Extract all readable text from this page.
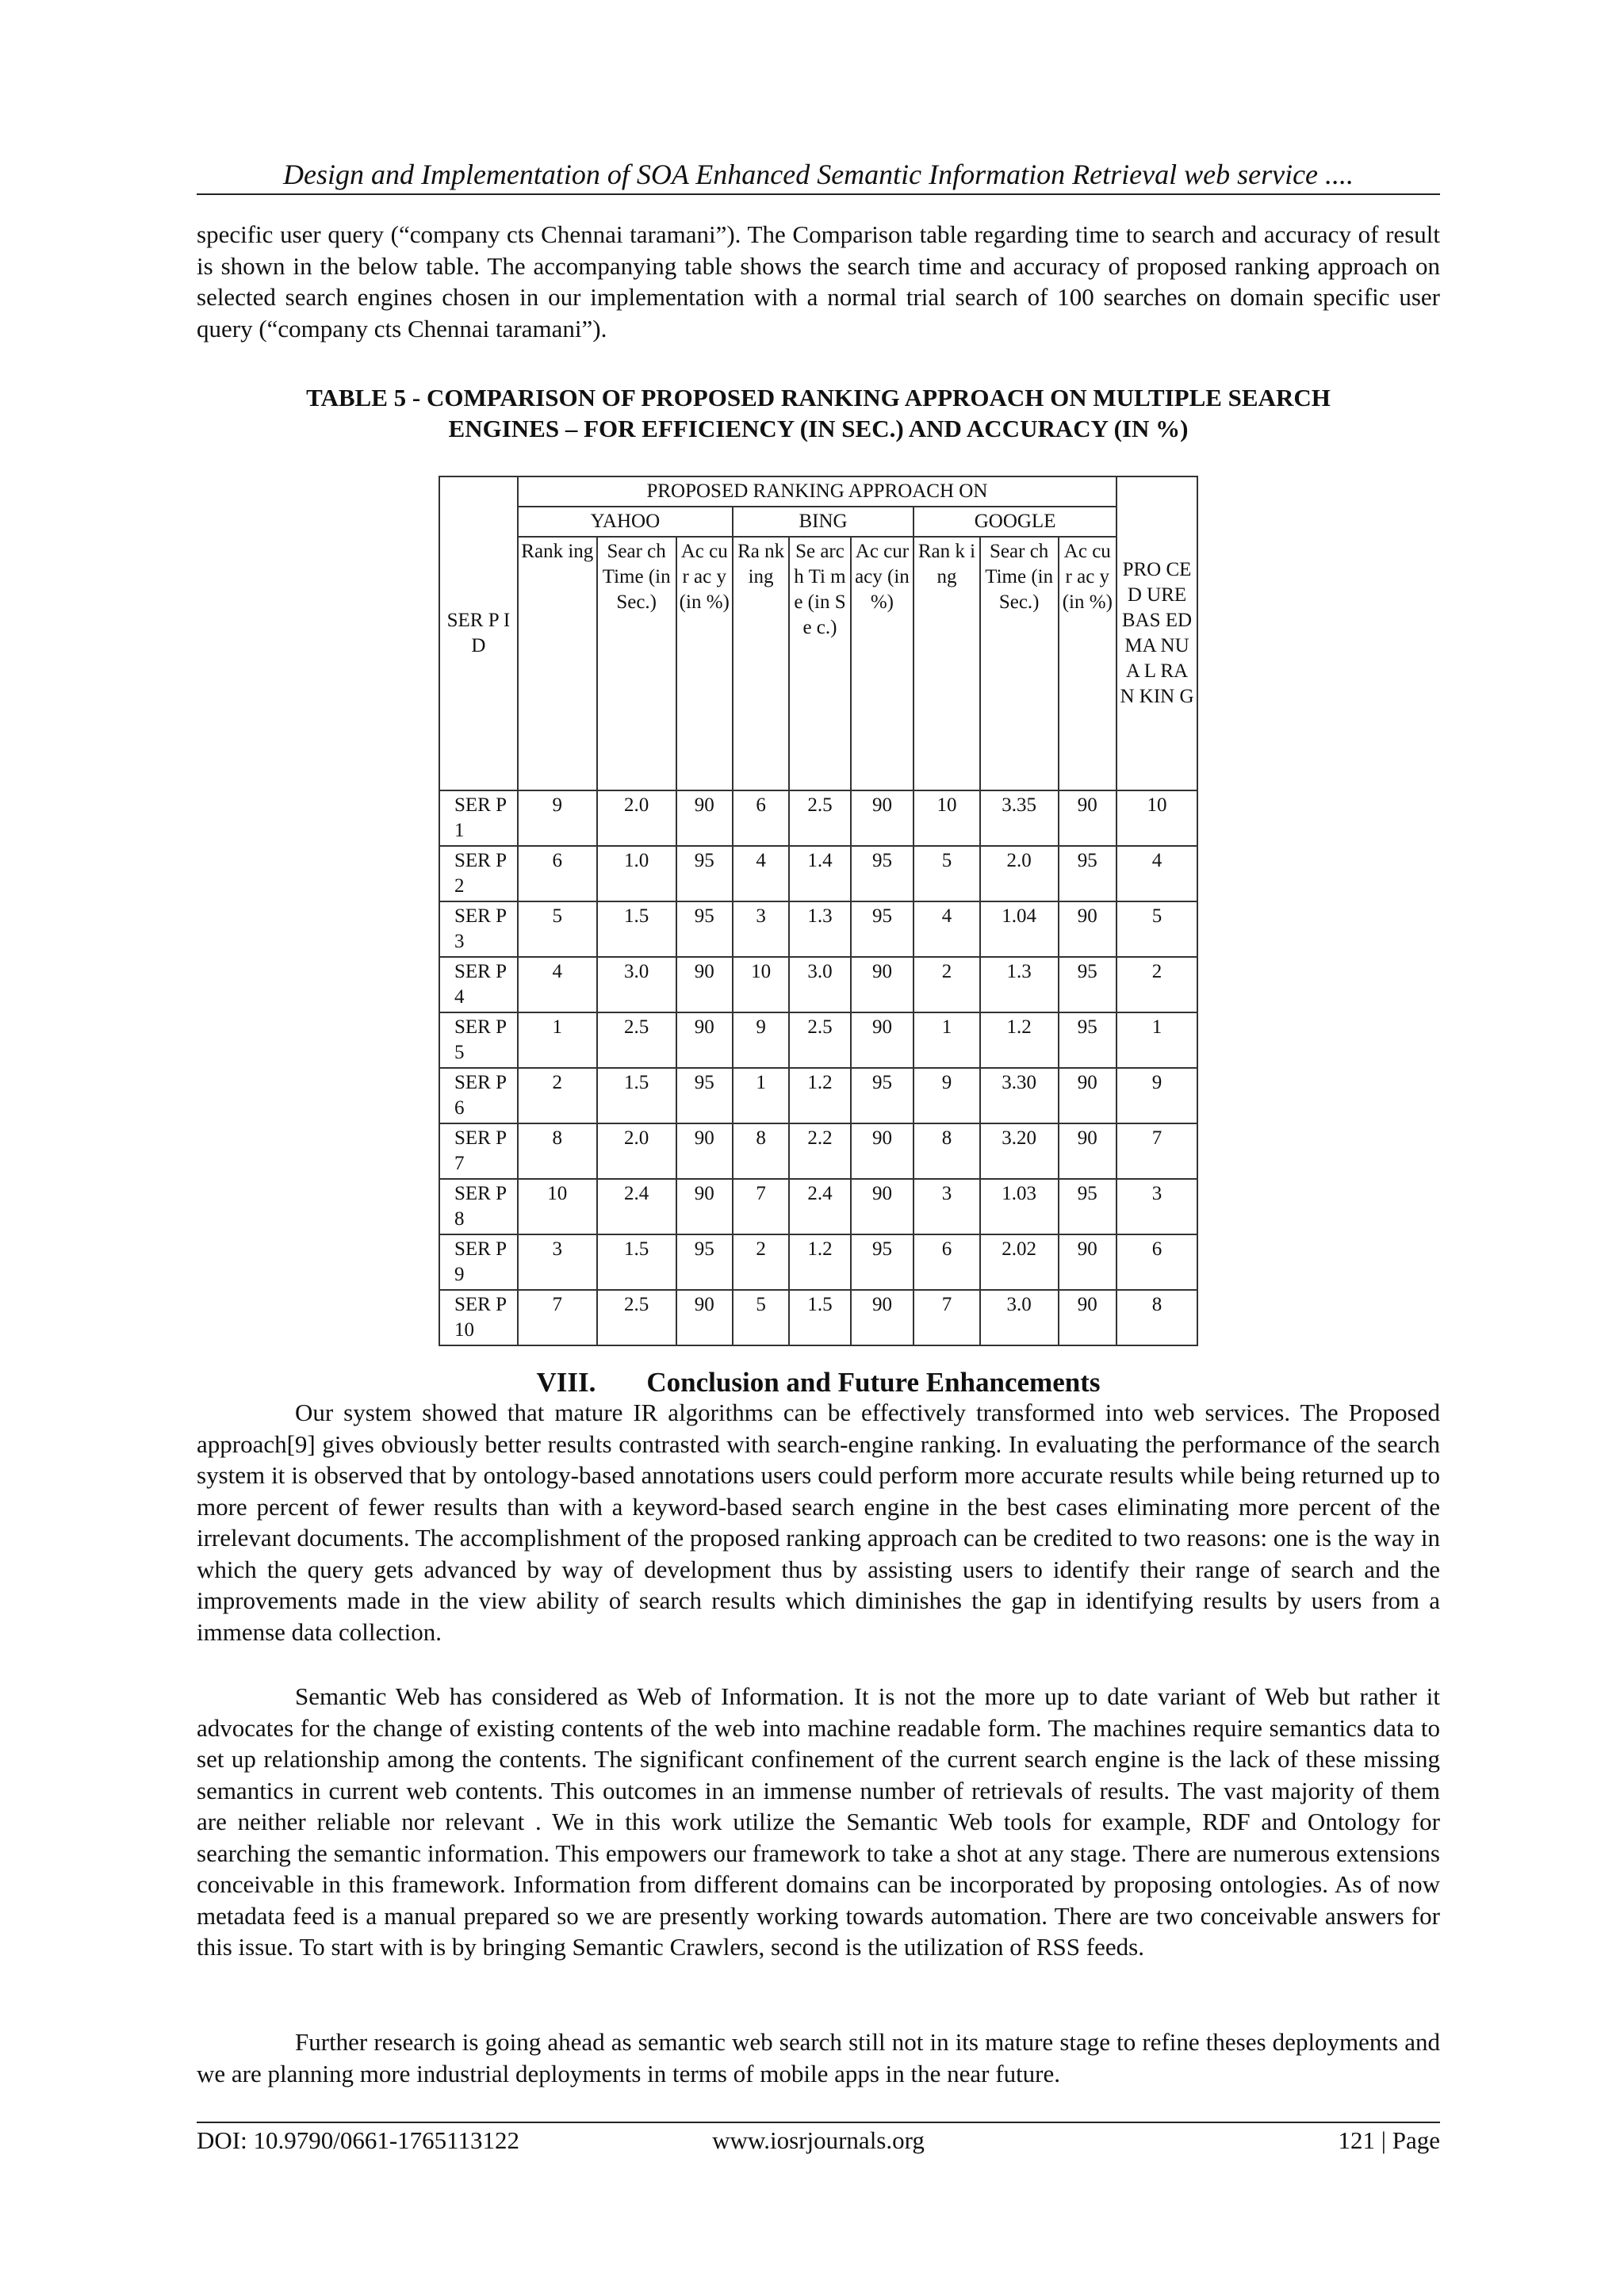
Design and Implementation of SOA Enhanced Semantic Information Retrieval web service ....

specific user query (“company cts Chennai taramani”). The Comparison table regarding time to search and accuracy of result is shown in the below table. The accompanying table shows the search time and accuracy of proposed ranking approach on selected search engines chosen in our implementation with a normal trial search of 100 searches on domain specific user query (“company cts Chennai taramani”).

TABLE 5 - COMPARISON OF PROPOSED RANKING APPROACH ON MULTIPLE SEARCH
ENGINES – FOR EFFICIENCY (IN SEC.) AND ACCURACY (IN %)
SER P ID	PROPOSED RANKING APPROACH ON									PRO CED URE BAS ED MA NUA L RAN KIN G
	YAHOO			BING			GOOGLE			
	Rank ing	Sear ch Time (in Sec.)	Ac cur ac y (in %)	Ra nk ing	Se arc h Ti me (in Se c.)	Ac cur acy (in %)	Ran k ing	Sear ch Time (in Sec.)	Ac cur ac y (in %)	
SER P1	9	2.0	90	6	2.5	90	10	3.35	90	10
SER P2	6	1.0	95	4	1.4	95	5	2.0	95	4
SER P3	5	1.5	95	3	1.3	95	4	1.04	90	5
SER P4	4	3.0	90	10	3.0	90	2	1.3	95	2
SER P5	1	2.5	90	9	2.5	90	1	1.2	95	1
SER P6	2	1.5	95	1	1.2	95	9	3.30	90	9
SER P7	8	2.0	90	8	2.2	90	8	3.20	90	7
SER P8	10	2.4	90	7	2.4	90	3	1.03	95	3
SER P9	3	1.5	95	2	1.2	95	6	2.02	90	6
SER P10	7	2.5	90	5	1.5	90	7	3.0	90	8
VIII. Conclusion and Future Enhancements

Our system showed that mature IR algorithms can be effectively transformed into web services. The Proposed approach[9] gives obviously better results contrasted with search-engine ranking. In evaluating the performance of the search system it is observed that by ontology-based annotations users could perform more accurate results while being returned up to more percent of fewer results than with a keyword-based search engine in the best cases eliminating more percent of the irrelevant documents. The accomplishment of the proposed ranking approach can be credited to two reasons: one is the way in which the query gets advanced by way of development thus by assisting users to identify their range of search and the improvements made in the view ability of search results which diminishes the gap in identifying results by users from a immense data collection.

Semantic Web has considered as Web of Information. It is not the more up to date variant of Web but rather it advocates for the change of existing contents of the web into machine readable form. The machines require semantics data to set up relationship among the contents. The significant confinement of the current search engine is the lack of these missing semantics in current web contents. This outcomes in an immense number of retrievals of results. The vast majority of them are neither reliable nor relevant . We in this work utilize the Semantic Web tools for example, RDF and Ontology for searching the semantic information. This empowers our framework to take a shot at any stage. There are numerous extensions conceivable in this framework. Information from different domains can be incorporated by proposing ontologies. As of now metadata feed is a manual prepared so we are presently working towards automation. There are two conceivable answers for this issue. To start with is by bringing Semantic Crawlers, second is the utilization of RSS feeds.

Further research is going ahead as semantic web search still not in its mature stage to refine theses deployments and we are planning more industrial deployments in terms of mobile apps in the near future.

DOI: 10.9790/0661-1765113122	www.iosrjournals.org	121 | Page
